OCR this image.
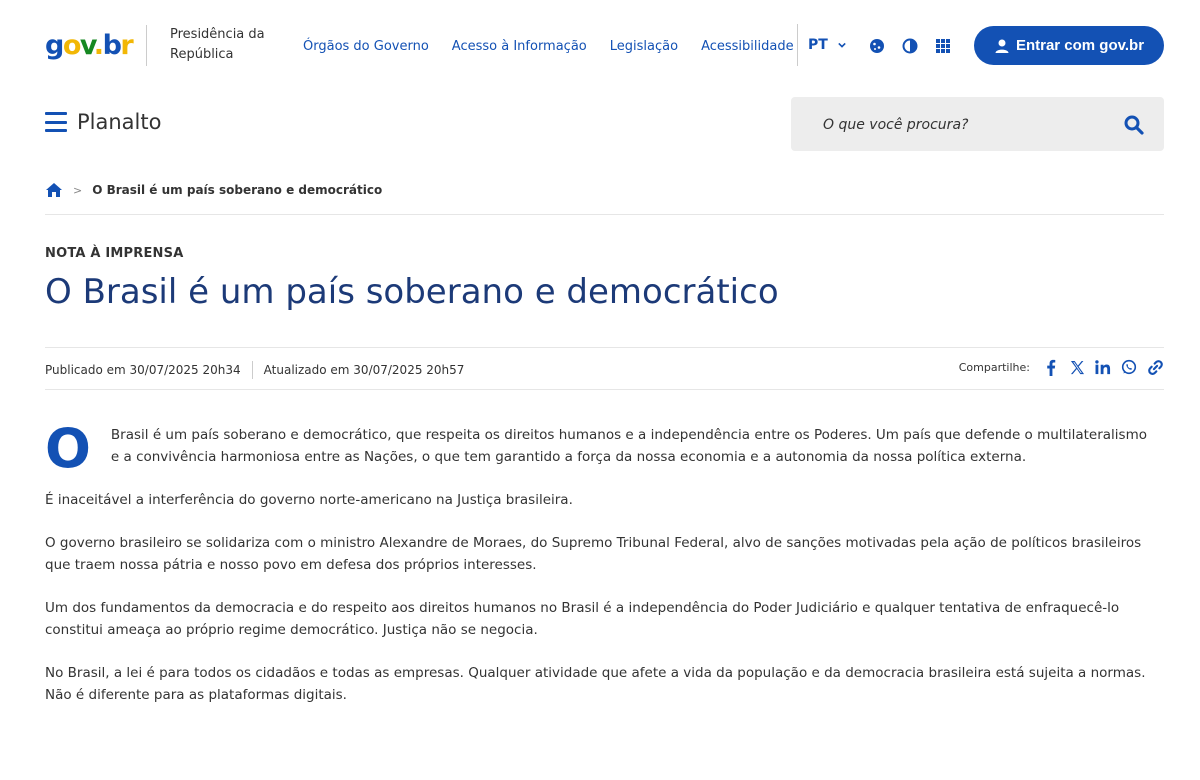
gov.br	Presidência da República
Órgãos do Governo Acesso à Informação Legislação Acessibilidade PT	Entrar com gov.br
Planalto	O que você procura?
> O Brasil é um país soberano e democrático
NOTA À IMPRENSA
O Brasil é um país soberano e democrático
Publicado em 30/07/2025 20h34 Atualizado em 30/07/2025 20h57	Compartilhe:

O	Brasil é um país soberano e democrático, que respeita os direitos humanos e a independência entre os Poderes. Um país que defende o multilateralismo e a convivência harmoniosa entre as Nações, o que tem garantido a força da nossa economia e a autonomia da nossa política externa.

É inaceitável a interferência do governo norte-americano na Justiça brasileira.

O governo brasileiro se solidariza com o ministro Alexandre de Moraes, do Supremo Tribunal Federal, alvo de sanções motivadas pela ação de políticos brasileiros que traem nossa pátria e nosso povo em defesa dos próprios interesses.

Um dos fundamentos da democracia e do respeito aos direitos humanos no Brasil é a independência do Poder Judiciário e qualquer tentativa de enfraquecê-lo constitui ameaça ao próprio regime democrático. Justiça não se negocia.

No Brasil, a lei é para todos os cidadãos e todas as empresas. Qualquer atividade que afete a vida da população e da democracia brasileira está sujeita a normas. Não é diferente para as plataformas digitais.
